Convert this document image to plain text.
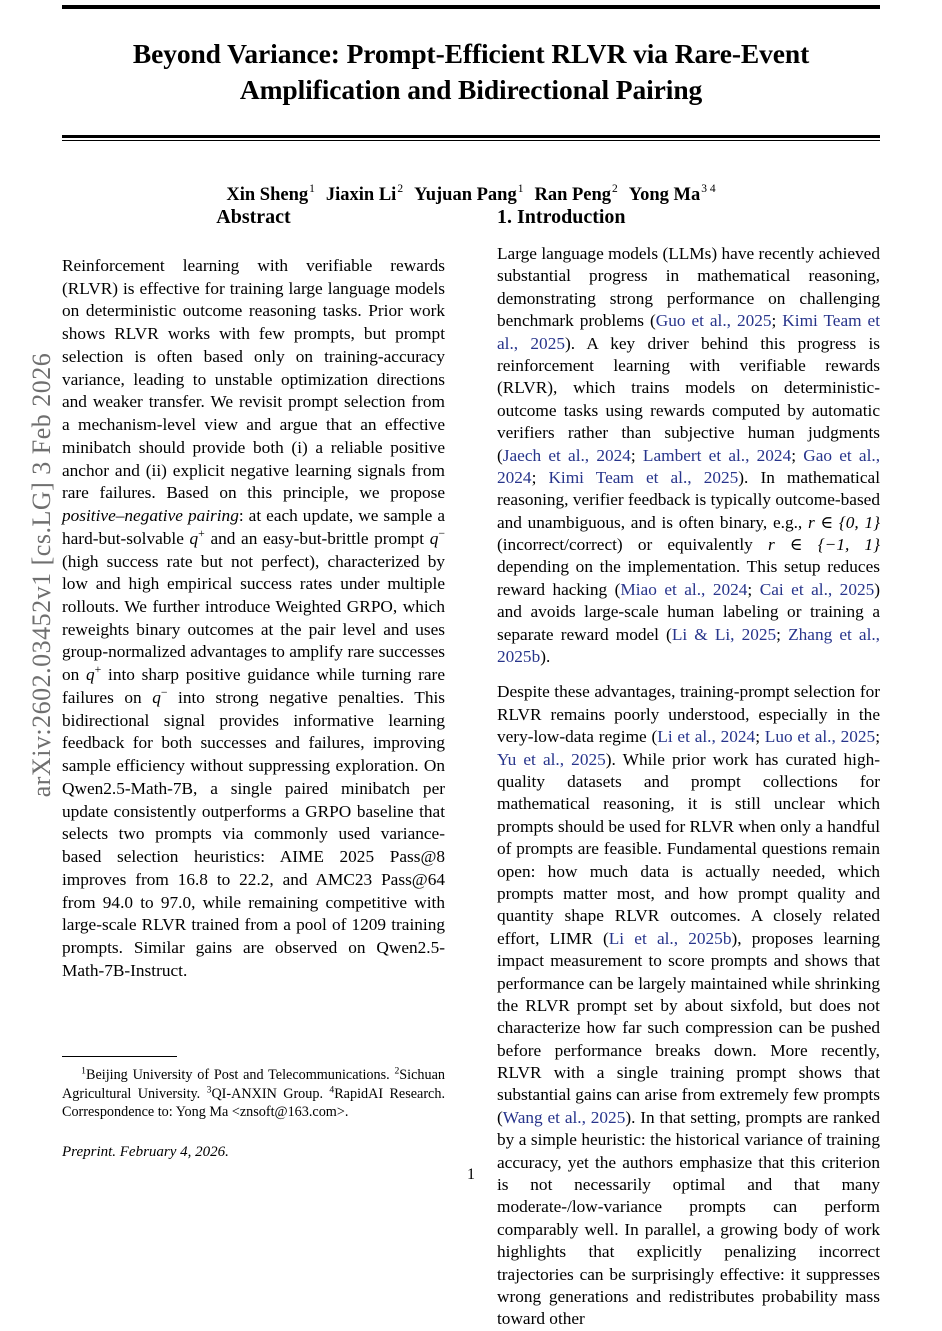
arXiv:2602.03452v1 [cs.LG] 3 Feb 2026
Beyond Variance: Prompt-Efficient RLVR via Rare-Event Amplification and Bidirectional Pairing
Xin Sheng$^1$ Jiaxin Li$^2$ Yujuan Pang$^1$ Ran Peng$^2$ Yong $Ma^{3 4}$
Abstract

Reinforcement learning with verifiable rewards (RLVR) is effective for training large language models on deterministic outcome reasoning tasks. Prior work shows RLVR works with few prompts, but prompt selection is often based only on training-accuracy variance, leading to unstable optimization directions and weaker transfer. We revisit prompt selection from a mechanism-level view and argue that an effective minibatch should provide both (i) a reliable positive anchor and (ii) explicit negative learning signals from rare failures. Based on this principle, we propose positive–negative pairing: at each update, we sample a hard-but-solvable q+ and an easy-but-brittle prompt q−(high success rate but not perfect), characterized by low and high empirical success rates under multiple rollouts. We further introduce Weighted GRPO, which reweights binary outcomes at the pair level and uses group-normalized advantages to amplify rare successes on q+ into sharp positive guidance while turning rare failures on q− into strong negative penalties. This bidirectional signal provides informative learning feedback for both successes and failures, improving sample efficiency without suppressing exploration. On Qwen2.5-Math-7B, a single paired minibatch per update consistently outperforms a GRPO baseline that selects two prompts via commonly used variance-based selection heuristics: AIME 2025 Pass@8 improves from 16.8 to 22.2, and AMC23 Pass@64 from 94.0 to 97.0, while remaining competitive with large-scale RLVR trained from a pool of 1209 training prompts. Similar gains are observed on Qwen2.5-Math-7B-Instruct.

1. Introduction

Large language models (LLMs) have recently achieved substantial progress in mathematical reasoning, demonstrating strong performance on challenging benchmark problems (Guo et al., 2025; Kimi Team et al., 2025). A key driver behind this progress is reinforcement learning with verifiable rewards (RLVR), which trains models on deterministic-outcome tasks using rewards computed by automatic verifiers rather than subjective human judgments (Jaech et al., 2024; Lambert et al., 2024; Gao et al., 2024; Kimi Team et al., 2025). In mathematical reasoning, verifier feedback is typically outcome-based and unambiguous, and is often binary, e.g., r ∈ {0, 1} (incorrect/correct) or equivalently r ∈ {−1, 1} depending on the implementation. This setup reduces reward hacking (Miao et al., 2024; Cai et al., 2025) and avoids large-scale human labeling or training a separate reward model (Li & Li, 2025; Zhang et al., 2025b).

Despite these advantages, training-prompt selection for RLVR remains poorly understood, especially in the very-low-data regime (Li et al., 2024; Luo et al., 2025; Yu et al., 2025). While prior work has curated high-quality datasets and prompt collections for mathematical reasoning, it is still unclear which prompts should be used for RLVR when only a handful of prompts are feasible. Fundamental questions remain open: how much data is actually needed, which prompts matter most, and how prompt quality and quantity shape RLVR outcomes. A closely related effort, LIMR (Li et al., 2025b), proposes learning impact measurement to score prompts and shows that performance can be largely maintained while shrinking the RLVR prompt set by about sixfold, but does not characterize how far such compression can be pushed before performance breaks down. More recently, RLVR with a single training prompt shows that substantial gains can arise from extremely few prompts (Wang et al., 2025). In that setting, prompts are ranked by a simple heuristic: the historical variance of training accuracy, yet the authors emphasize that this criterion is not necessarily optimal and that many moderate-/low-variance prompts can perform comparably well. In parallel, a growing body of work highlights that explicitly penalizing incorrect trajectories can be surprisingly effective: it suppresses wrong generations and redistributes probability mass toward other

$^1$Beijing University of Post and Telecommunications. $^2$Sichuan Agricultural University. $^3$QI-ANXIN Group. $^4$RapidAI Research. Correspondence to: Yong Ma <znsoft@163.com>.
Preprint. February 4, 2026.
1
